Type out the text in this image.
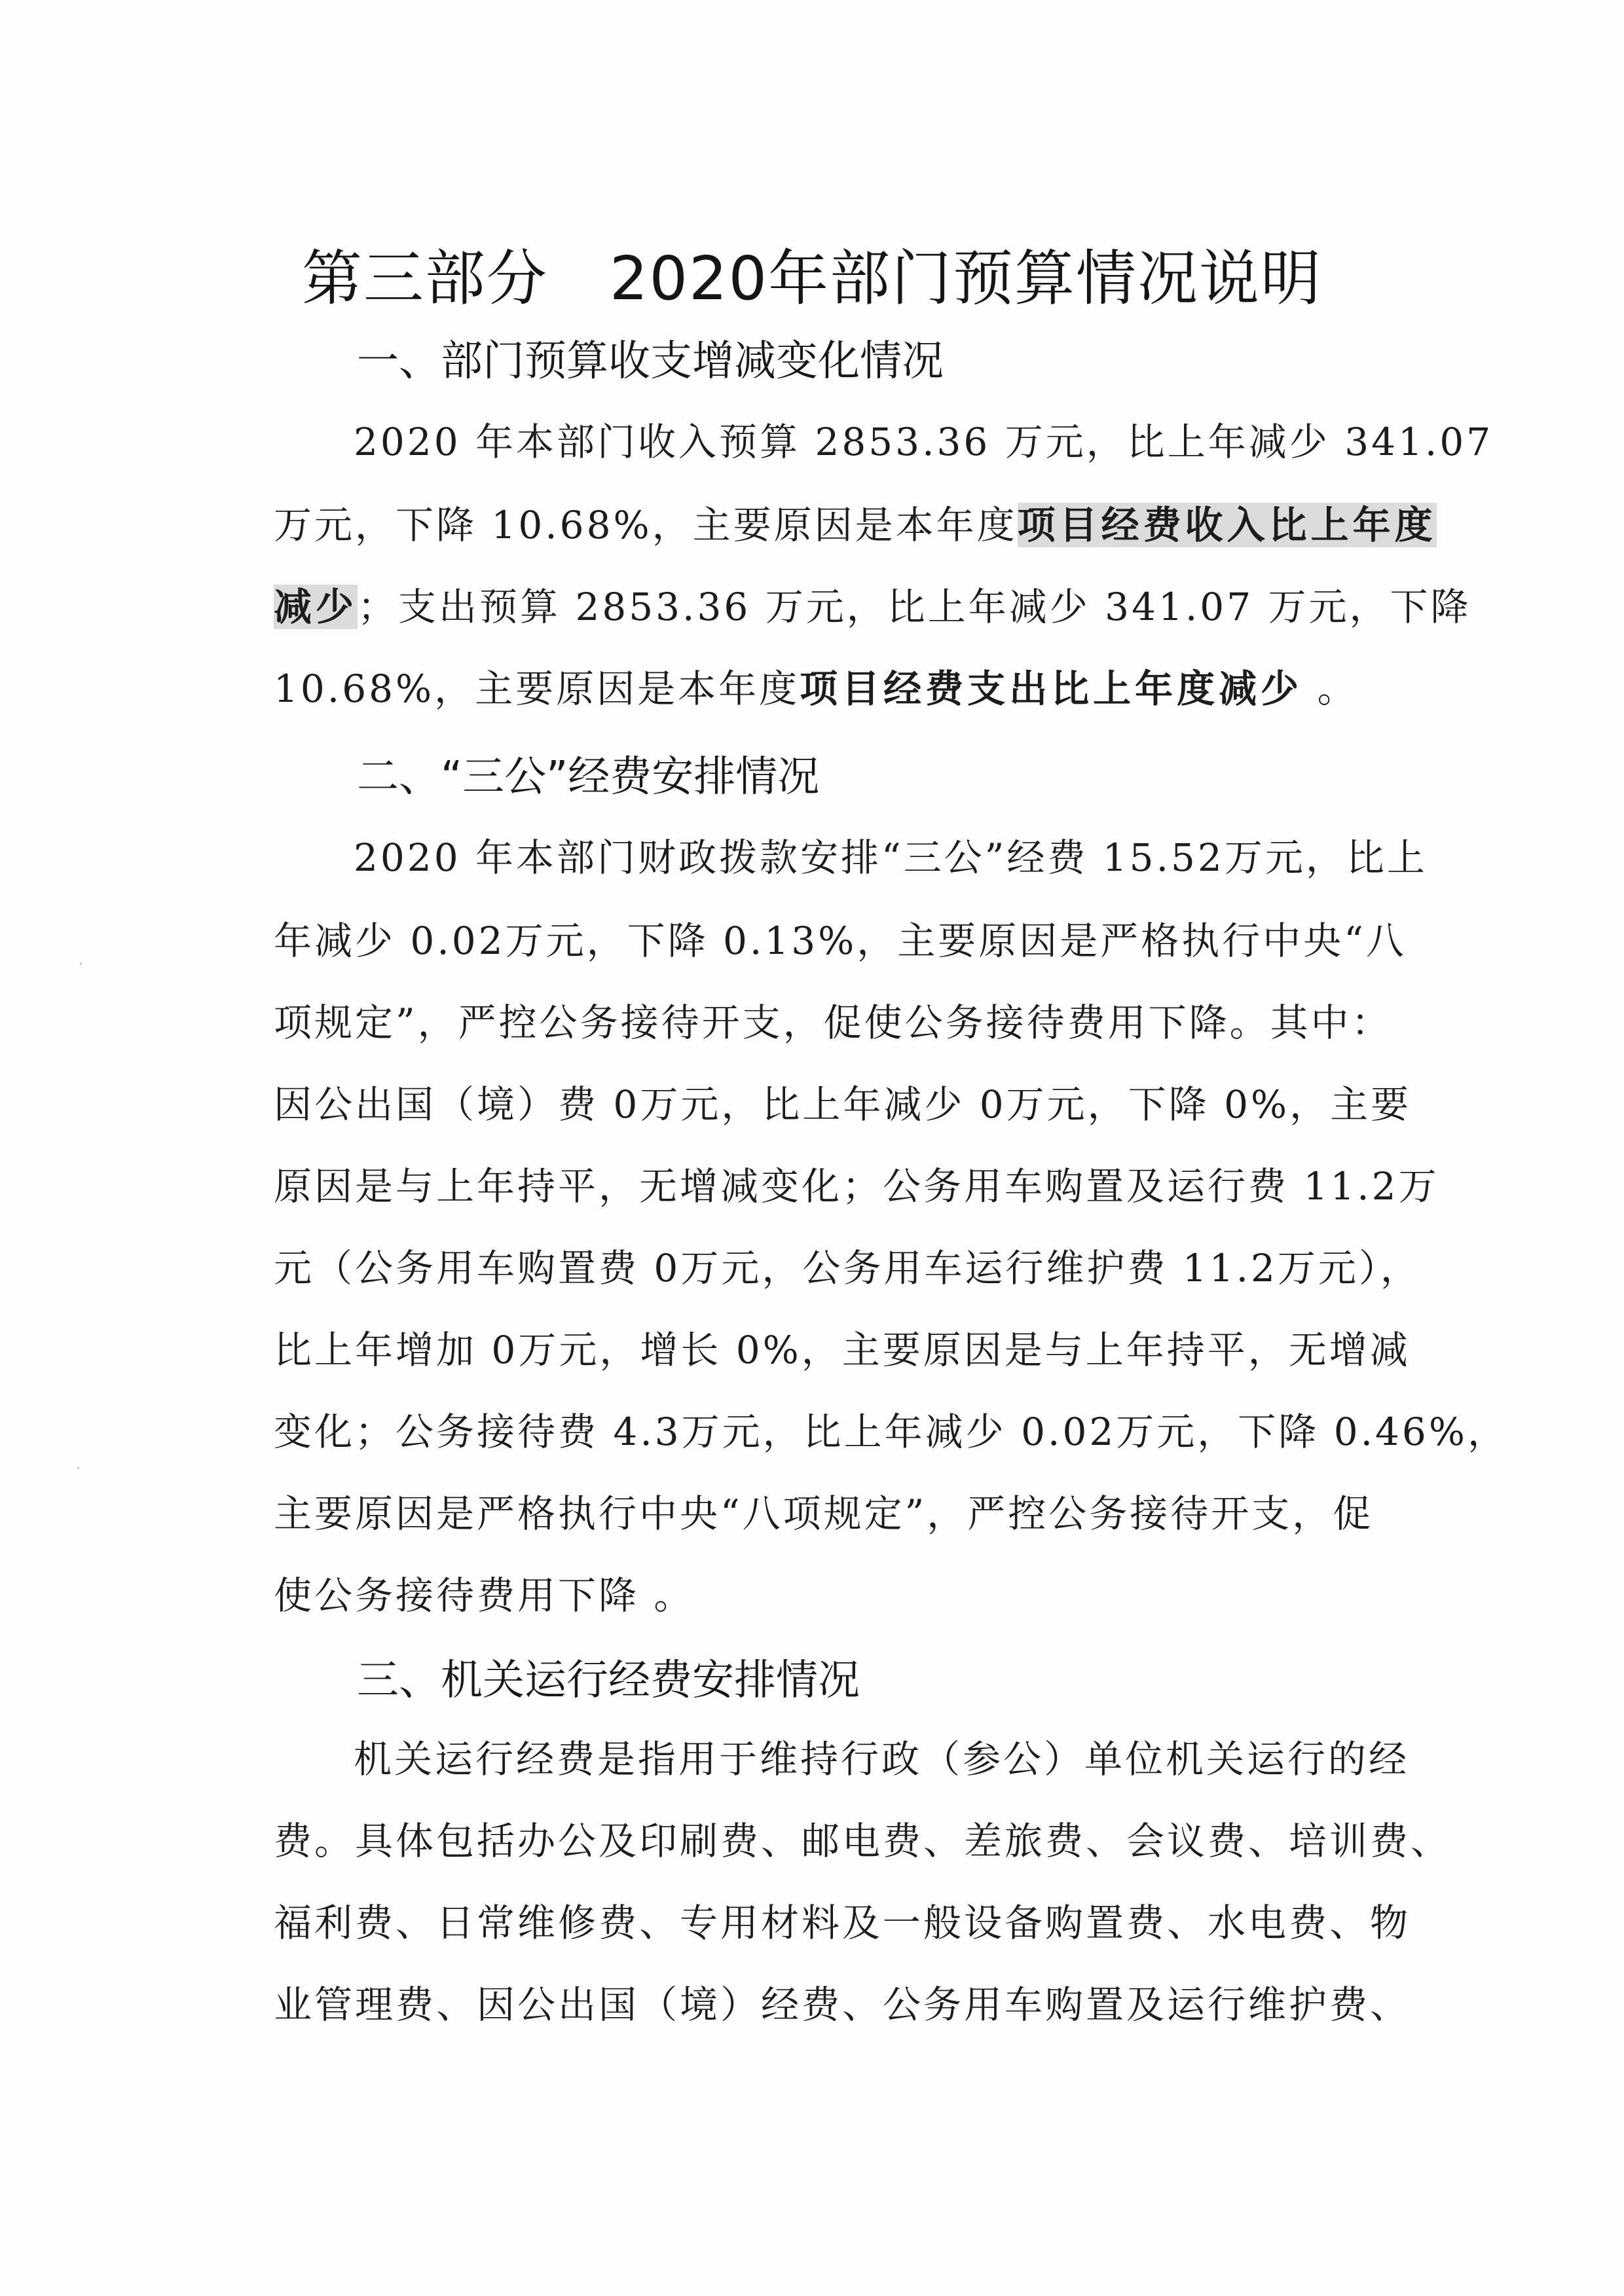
第三部分　2020年部门预算情况说明
一、部门预算收支增减变化情况
2020 年本部门收入预算 2853.36 万元，比上年减少 341.07
万元，下降 10.68%，主要原因是本年度项目经费收入比上年度
减少；支出预算 2853.36 万元，比上年减少 341.07 万元，下降
10.68%，主要原因是本年度项目经费支出比上年度减少 。
二、“三公”经费安排情况
2020 年本部门财政拨款安排“三公”经费 15.52万元，比上
年减少 0.02万元，下降 0.13%，主要原因是严格执行中央“八
项规定”，严控公务接待开支，促使公务接待费用下降。其中：
因公出国（境）费 0万元，比上年减少 0万元，下降 0%，主要
原因是与上年持平，无增减变化；公务用车购置及运行费 11.2万
元（公务用车购置费 0万元，公务用车运行维护费 11.2万元），
比上年增加 0万元，增长 0%，主要原因是与上年持平，无增减
变化；公务接待费 4.3万元，比上年减少 0.02万元，下降 0.46%，
主要原因是严格执行中央“八项规定”，严控公务接待开支，促
使公务接待费用下降 。
三、机关运行经费安排情况
机关运行经费是指用于维持行政（参公）单位机关运行的经
费。具体包括办公及印刷费、邮电费、差旅费、会议费、培训费、
福利费、日常维修费、专用材料及一般设备购置费、水电费、物
业管理费、因公出国（境）经费、公务用车购置及运行维护费、
